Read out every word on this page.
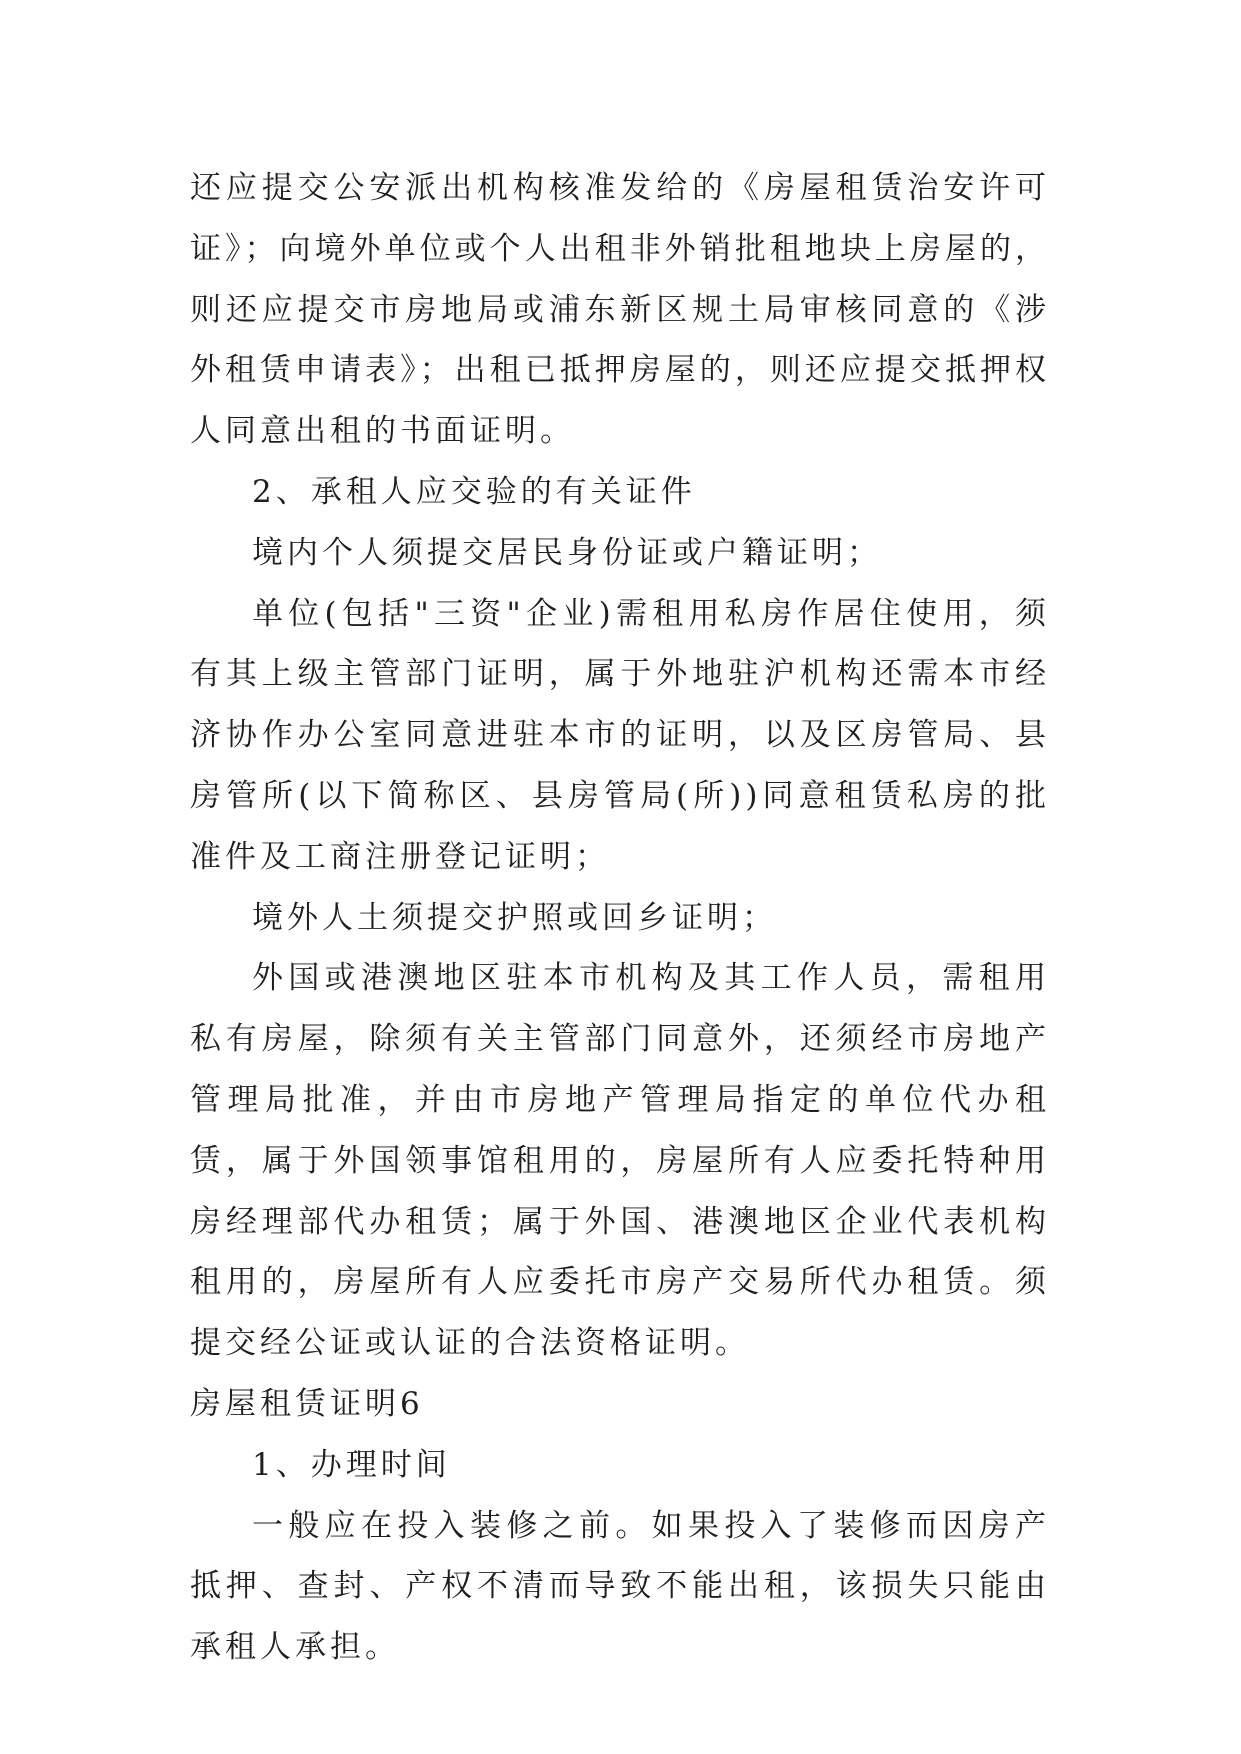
还应提交公安派出机构核准发给的《房屋租赁治安许可证》；向境外单位或个人出租非外销批租地块上房屋的，则还应提交市房地局或浦东新区规土局审核同意的《涉外租赁申请表》；出租已抵押房屋的，则还应提交抵押权人同意出租的书面证明。

2、承租人应交验的有关证件

境内个人须提交居民身份证或户籍证明；

单位(包括"三资"企业)需租用私房作居住使用，须有其上级主管部门证明，属于外地驻沪机构还需本市经济协作办公室同意进驻本市的证明，以及区房管局、县房管所(以下简称区、县房管局(所))同意租赁私房的批准件及工商注册登记证明；

境外人土须提交护照或回乡证明；

外国或港澳地区驻本市机构及其工作人员，需租用私有房屋，除须有关主管部门同意外，还须经市房地产管理局批准，并由市房地产管理局指定的单位代办租赁，属于外国领事馆租用的，房屋所有人应委托特种用房经理部代办租赁；属于外国、港澳地区企业代表机构租用的，房屋所有人应委托市房产交易所代办租赁。须提交经公证或认证的合法资格证明。

房屋租赁证明6

1、办理时间

一般应在投入装修之前。如果投入了装修而因房产抵押、查封、产权不清而导致不能出租，该损失只能由承租人承担。
